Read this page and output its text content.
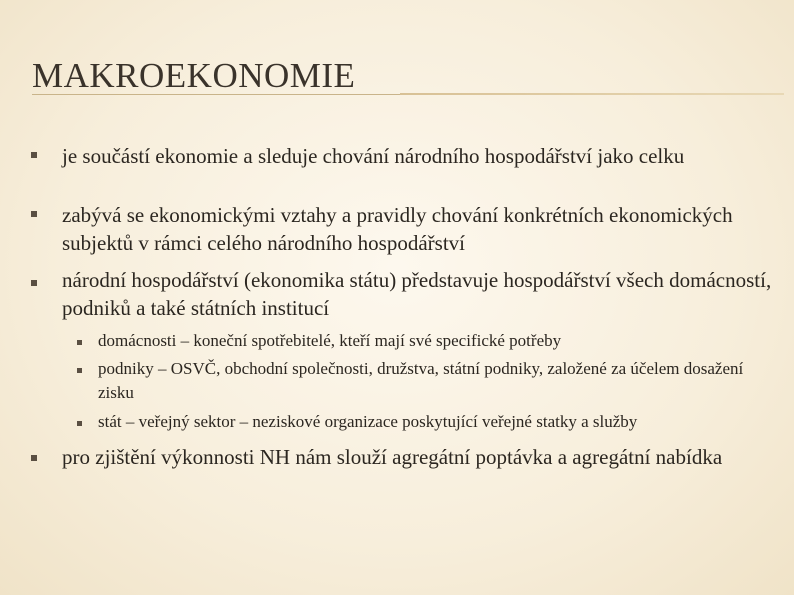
MAKROEKONOMIE
je součástí ekonomie a sleduje chování národního hospodářství jako celku
zabývá se ekonomickými vztahy a pravidly chování konkrétních ekonomických subjektů v rámci celého národního hospodářství
národní hospodářství (ekonomika státu) představuje hospodářství všech domácností, podniků a také státních institucí
domácnosti – koneční spotřebitelé, kteří mají své specifické potřeby
podniky – OSVČ, obchodní společnosti, družstva, státní podniky, založené za účelem dosažení zisku
stát – veřejný sektor – neziskové organizace poskytující veřejné statky a služby
pro zjištění výkonnosti NH nám slouží agregátní poptávka a agregátní nabídka
